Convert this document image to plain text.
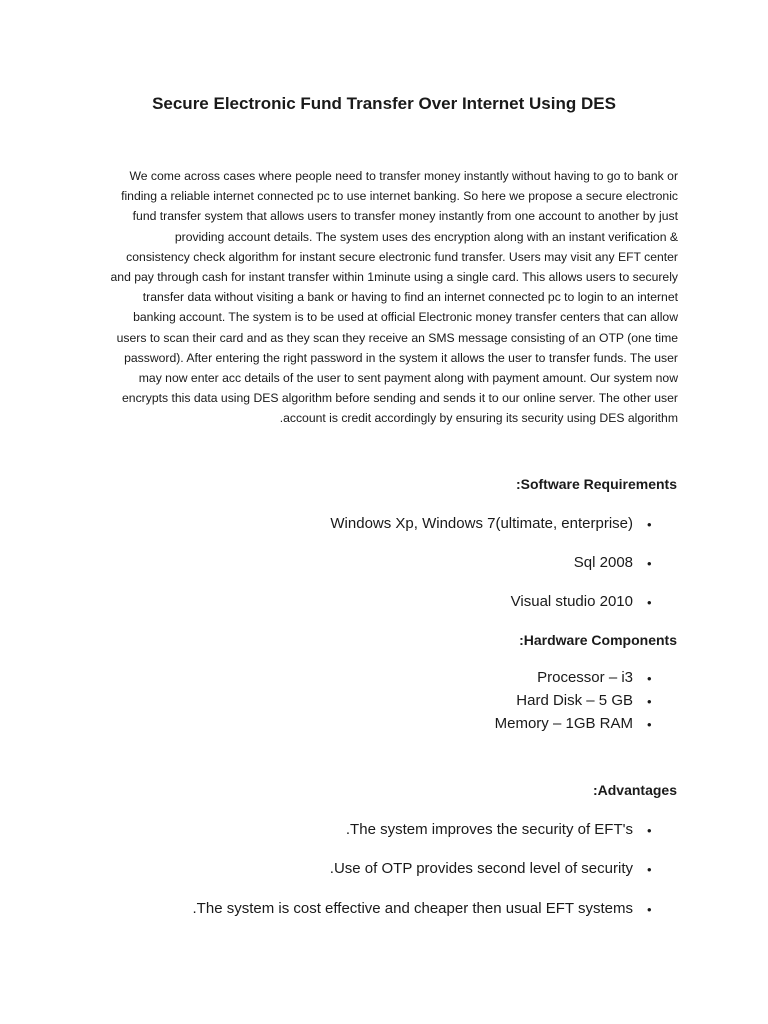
Secure Electronic Fund Transfer Over Internet Using DES
We come across cases where people need to transfer money instantly without having to go to bank or
finding a reliable internet connected pc to use internet banking. So here we propose a secure electronic
fund transfer system that allows users to transfer money instantly from one account to another by just
providing account details. The system uses des encryption along with an instant verification &
consistency check algorithm for instant secure electronic fund transfer. Users may visit any EFT center
and pay through cash for instant transfer within 1minute using a single card. This allows users to securely
transfer data without visiting a bank or having to find an internet connected pc to login to an internet
banking account. The system is to be used at official Electronic money transfer centers that can allow
users to scan their card and as they scan they receive an SMS message consisting of an OTP (one time
password). After entering the right password in the system it allows the user to transfer funds. The user
may now enter acc details of the user to sent payment along with payment amount. Our system now
encrypts this data using DES algorithm before sending and sends it to our online server. The other user
.account is credit accordingly by ensuring its security using DES algorithm
:Software Requirements
Windows Xp, Windows 7(ultimate, enterprise) •
Sql 2008 •
Visual studio 2010 •
:Hardware Components
Processor – i3 •
Hard Disk – 5 GB •
Memory – 1GB RAM •
:Advantages
.The system improves the security of EFT's •
.Use of OTP provides second level of security •
.The system is cost effective and cheaper then usual EFT systems •
